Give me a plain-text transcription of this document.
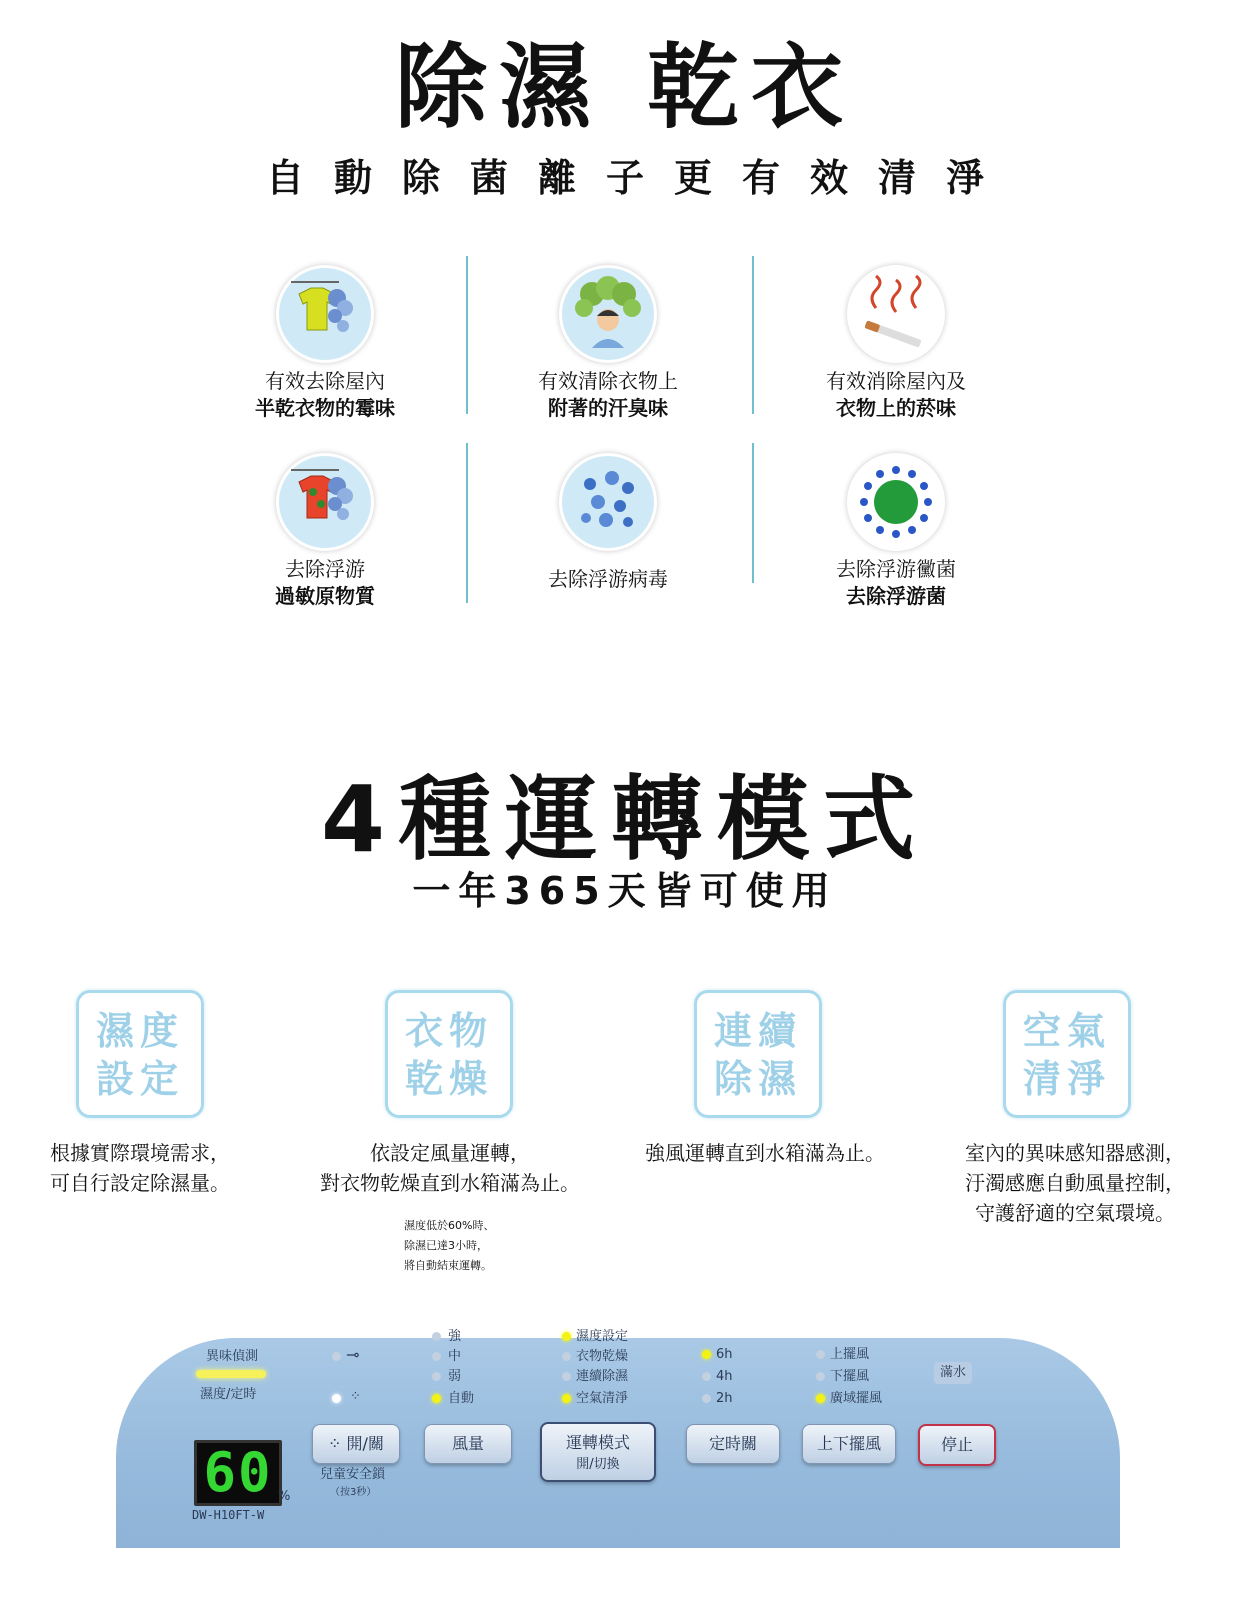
除濕 乾衣
自動除菌離子更有效清淨
有效去除屋內
半乾衣物的霉味
有效清除衣物上
附著的汗臭味
有效消除屋內及
衣物上的菸味
去除浮游
過敏原物質
去除浮游病毒	去除浮游黴菌
去除浮游菌
4種運轉模式
一年365天皆可使用
濕度
設定
衣物
乾燥
連續
除濕
空氣
清淨
根據實際環境需求，
可自行設定除濕量。
依設定風量運轉，
對衣物乾燥直到水箱滿為止。
強風運轉直到水箱滿為止。	室內的異味感知器感測，
汙濁感應自動風量控制，
守護舒適的空氣環境。
濕度低於60%時、
除濕已達3小時，
將自動結束運轉。
異味偵測
濕度/定時
60 %
DW-H10FT-W
⊸
⁘
強
中
弱
自動
濕度設定
衣物乾燥
連續除濕
空氣清淨
6h
4h
2h
上擺風
下擺風
廣域擺風
滿水
⁘ 開/關
兒童安全鎖
（按3秒）
風量	運轉模式
開/切換
定時關	上下擺風	停止
